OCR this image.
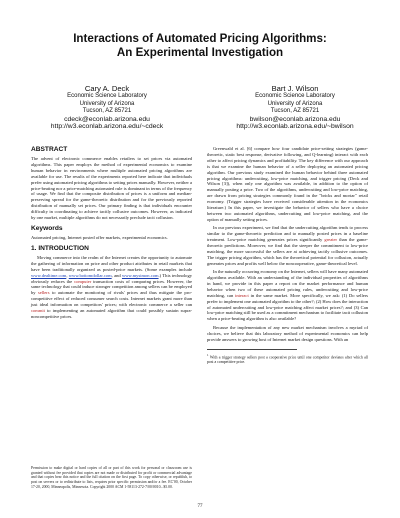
Interactions of Automated Pricing Algorithms:
An Experimental Investigation
Cary A. Deck
Economic Science Laboratory
University of Arizona
Tucson, AZ 85721
cdeck@econlab.arizona.edu
http://w3.econlab.arizona.edu/~cdeck
Bart J. Wilson
Economic Science Laboratory
University of Arizona
Tucson, AZ 85721
bwilson@econlab.arizona.edu
http://w3.econlab.arizona.edu/~bwilson
ABSTRACT

The advent of electronic commerce enables retailers to set prices via automated algorithms. This paper employs the method of experimental economics to examine human behavior in environments where multiple automated pricing algorithms are available for use. The results of the experiments reported here indicate that individuals prefer using automated pricing algorithms to setting prices manually. However, neither a price-beating nor a price-matching automated rule is dominant in terms of the frequency of usage. We find that the composite distribution of prices is a uniform and median-preserving spread for the game-theoretic distribution and for the previously reported distribution of manually set prices. Our primary finding is that individuals encounter difficulty in coordinating to achieve tacitly collusive outcomes. However, as indicated by one market, multiple algorithms do not necessarily preclude tacit collusion.

Keywords

Automated pricing, Internet posted offer markets, experimental economics.

1. INTRODUCTION

Moving commerce into the realm of the Internet creates the opportunity to automate the gathering of information on price and other product attributes in retail markets that have been traditionally organized as posted-price markets. (Some examples include www.dealtime.com, www.bottomdollar.com, and www.mysimon.com.) This technology obviously reduces the computer transaction costs of comparing prices. However, the same technology that could induce stronger competition among sellers can be employed by sellers to automate the monitoring of rivals' prices and thus mitigate the pro-competitive effect of reduced consumer search costs. Internet markets grant more than just ideal information on competitors' prices; with electronic commerce a seller can commit to implementing an automated algorithm that could possibly sustain supra-noncompetitive prices.

Permission to make digital or hard copies of all or part of this work for personal or classroom use is granted without fee provided that copies are not made or distributed for profit or commercial advantage and that copies bear this notice and the full citation on the first page. To copy otherwise, or republish, to post on servers or to redistribute to lists, requires prior specific permission and/or a fee. EC'00, October 17-20, 2000, Minneapolis, Minnesota. Copyright 2000 ACM 1-58113-272-7/00/0010...$5.00.

Greenwald et al. [6] compare how four candidate price-setting strategies (game-theoretic, static best response, derivative following, and Q-learning) interact with each other to affect pricing dynamics and profitability. The key difference with our approach is that we examine the human behavior of a seller deploying an automated pricing algorithm. Our previous study examined the human behavior behind three automated pricing algorithms: undercutting, low-price matching, and trigger pricing (Deck and Wilson [3]), when only one algorithm was available, in addition to the option of manually posting a price. Two of the algorithms, undercutting and low-price matching, are drawn from pricing strategies commonly found in the "bricks and mortar" retail economy. (Trigger strategies have received considerable attention in the economics literature.) In this paper, we investigate the behavior of sellers who have a choice between two automated algorithms, undercutting and low-price matching, and the option of manually setting prices.

In our previous experiment, we find that the undercutting algorithm tends to process similar to the game-theoretic prediction and to manually posted prices in a baseline treatment. Low-price matching generates prices significantly greater than the game-theoretic predictions. Moreover, we find that the steeper the commitment to low-price matching, the more successful the sellers are at achieving tacitly collusive outcomes. The trigger pricing algorithm, which has the theoretical potential for collusion, actually generates prices and profits well below the noncooperative, game-theoretical level.

In the naturally occurring economy on the Internet, sellers will have many automated algorithms available. With an understanding of the individual properties of algorithms in hand, we provide in this paper a report on the market performance and human behavior when two of these automated pricing rules, undercutting and low-price matching, can interact in the same market. More specifically, we ask: (1) Do sellers prefer to implement one automated algorithm to the other?; (2) How does the interaction of automated undercutting and low-price matching affect market prices?; and (3) Can low-price matching still be used as a commitment mechanism to facilitate tacit collusion when a price-beating algorithm is also available?

Because the implementation of any new market mechanism involves a myriad of choices, we believe that this laboratory method of experimental economics can help provide answers to growing host of Internet market design questions. With an

$^1$ With a trigger strategy sellers post a cooperative price until one competitor deviates after which all post a competitive price.

77
